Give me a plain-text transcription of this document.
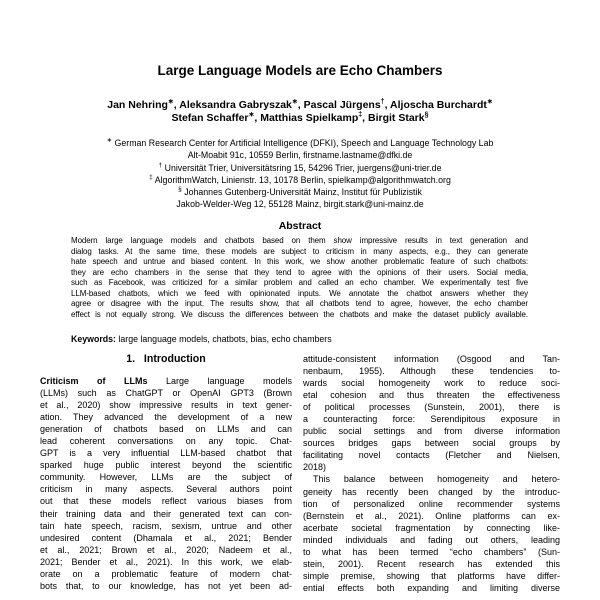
Large Language Models are Echo Chambers
Jan Nehring∗, Aleksandra Gabryszak∗, Pascal Jürgens†, Aljoscha Burchardt∗
Stefan Schaffer∗, Matthias Spielkamp‡, Birgit Stark§
∗ German Research Center for Artificial Intelligence (DFKI), Speech and Language Technology Lab
Alt-Moabit 91c, 10559 Berlin, firstname.lastname@dfki.de
† Universität Trier, Universitätsring 15, 54296 Trier, juergens@uni-trier.de
‡ AlgorithmWatch, Linienstr. 13, 10178 Berlin, spielkamp@algorithmwatch.org
§ Johannes Gutenberg-Universität Mainz, Institut für Publizistik
Jakob-Welder-Weg 12, 55128 Mainz, birgit.stark@uni-mainz.de
Abstract
Modern large language models and chatbots based on them show impressive results in text generation and
dialog tasks. At the same time, these models are subject to criticism in many aspects, e.g., they can generate
hate speech and untrue and biased content. In this work, we show another problematic feature of such chatbots:
they are echo chambers in the sense that they tend to agree with the opinions of their users. Social media,
such as Facebook, was criticized for a similar problem and called an echo chamber. We experimentally test five
LLM-based chatbots, which we feed with opinionated inputs. We annotate the chatbot answers whether they
agree or disagree with the input. The results show, that all chatbots tend to agree, however, the echo chamber
effect is not equally strong. We discuss the differences between the chatbots and make the dataset publicly available.
Keywords: large language models, chatbots, bias, echo chambers
1.   Introduction
Criticism of LLMs Large language models
(LLMs) such as ChatGPT or OpenAI GPT3 (Brown
et al., 2020) show impressive results in text gener-
ation. They advanced the development of a new
generation of chatbots based on LLMs and can
lead coherent conversations on any topic. Chat-
GPT is a very influential LLM-based chatbot that
sparked huge public interest beyond the scientific
community. However, LLMs are the subject of
criticism in many aspects. Several authors point
out that these models reflect various biases from
their training data and their generated text can con-
tain hate speech, racism, sexism, untrue and other
undesired content (Dhamala et al., 2021; Bender
et al., 2021; Brown et al., 2020; Nadeem et al.,
2021; Bender et al., 2021). In this work, we elab-
orate on a problematic feature of modern chat-
bots that, to our knowledge, has not yet been ad-
attitude-consistent information (Osgood and Tan-
nenbaum, 1955). Although these tendencies to-
wards social homogeneity work to reduce soci-
etal cohesion and thus threaten the effectiveness
of political processes (Sunstein, 2001), there is
a counteracting force: Serendipitous exposure in
public social settings and from diverse information
sources bridges gaps between social groups by
facilitating novel contacts (Fletcher and Nielsen,
2018)
This balance between homogeneity and hetero-
geneity has recently been changed by the introduc-
tion of personalized online recommender systems
(Bernstein et al., 2021). Online platforms can ex-
acerbate societal fragmentation by connecting like-
minded individuals and fading out others, leading
to what has been termed “echo chambers” (Sun-
stein, 2001). Recent research has extended this
simple premise, showing that platforms have differ-
ential effects both expanding and limiting diverse
